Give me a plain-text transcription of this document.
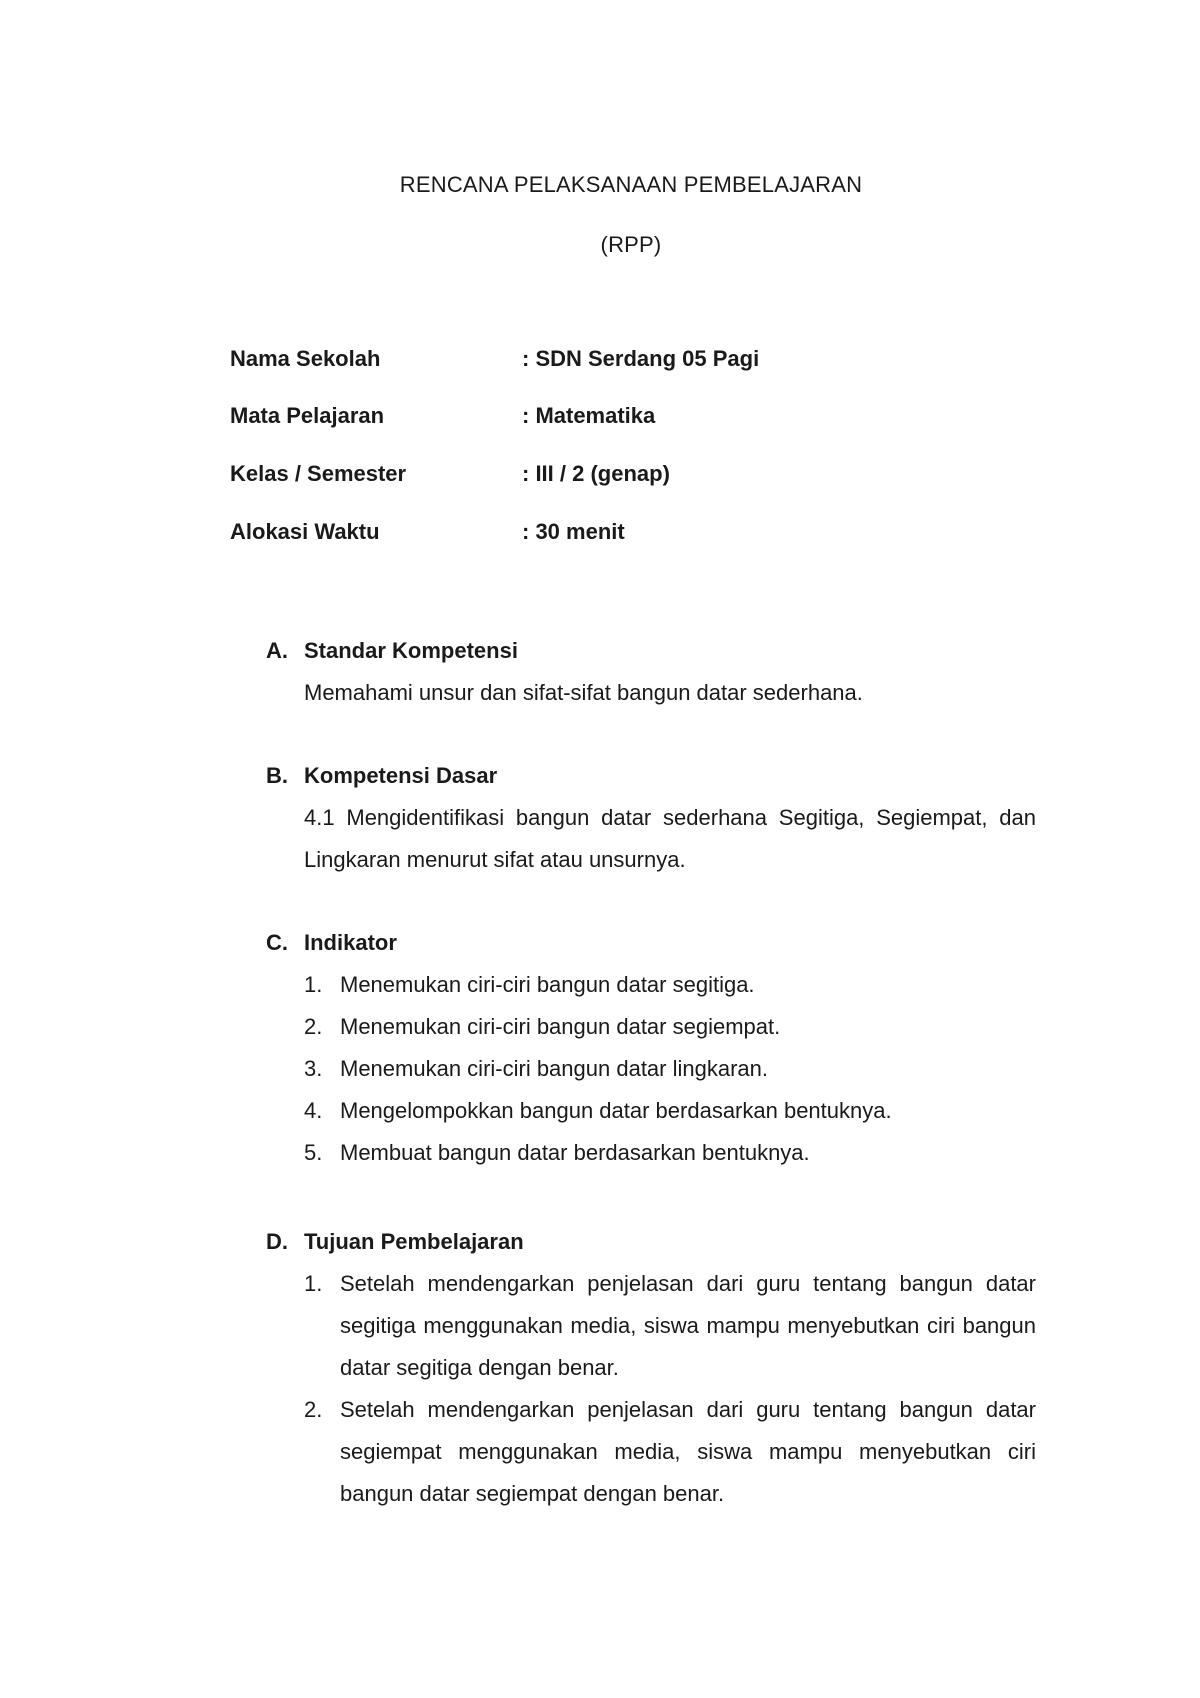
RENCANA PELAKSANAAN PEMBELAJARAN
(RPP)
Nama Sekolah	: SDN Serdang 05 Pagi
Mata Pelajaran	: Matematika
Kelas / Semester	: III / 2 (genap)
Alokasi Waktu	: 30 menit
A. Standar Kompetensi
Memahami unsur dan sifat-sifat bangun datar sederhana.
B. Kompetensi Dasar
4.1 Mengidentifikasi bangun datar sederhana Segitiga, Segiempat, dan Lingkaran menurut sifat atau unsurnya.
C. Indikator
1. Menemukan ciri-ciri bangun datar segitiga.
2. Menemukan ciri-ciri bangun datar segiempat.
3. Menemukan ciri-ciri bangun datar lingkaran.
4. Mengelompokkan bangun datar berdasarkan bentuknya.
5. Membuat bangun datar berdasarkan bentuknya.
D. Tujuan Pembelajaran
1. Setelah mendengarkan penjelasan dari guru tentang bangun datar segitiga menggunakan media, siswa mampu menyebutkan ciri bangun datar segitiga dengan benar.
2. Setelah mendengarkan penjelasan dari guru tentang bangun datar segiempat menggunakan media, siswa mampu menyebutkan ciri bangun datar segiempat dengan benar.
